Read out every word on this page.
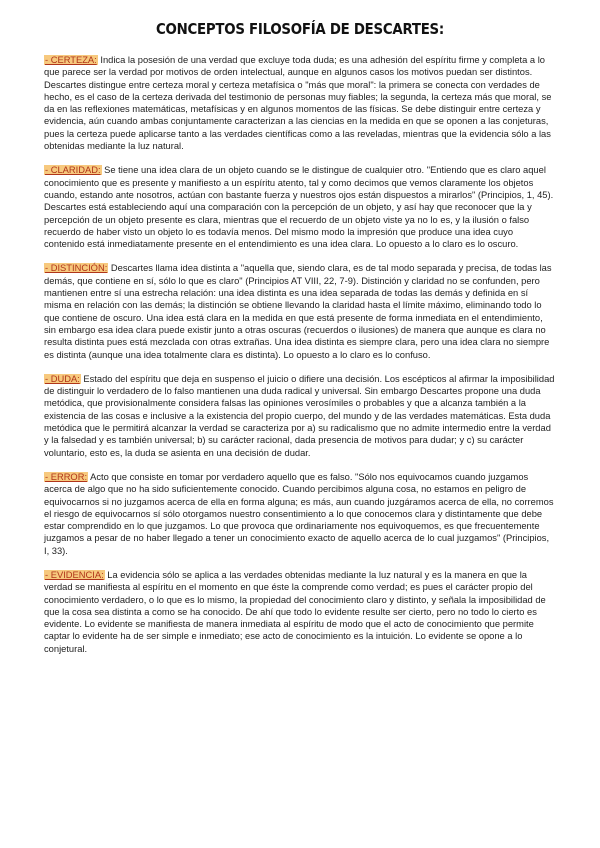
CONCEPTOS FILOSOFÍA DE DESCARTES:

- CERTEZA: Indica la posesión de una verdad que excluye toda duda; es una adhesión del espíritu firme y completa a lo que parece ser la verdad por motivos de orden intelectual, aunque en algunos casos los motivos puedan ser distintos. Descartes distingue entre certeza moral y certeza metafísica o "más que moral": la primera se conecta con verdades de hecho, es el caso de la certeza derivada del testimonio de personas muy fiables; la segunda, la certeza más que moral, se da en las reflexiones matemáticas, metafísicas y en algunos momentos de las físicas. Se debe distinguir entre certeza y evidencia, aún cuando ambas conjuntamente caracterizan a las ciencias en la medida en que se oponen a las conjeturas, pues la certeza puede aplicarse tanto a las verdades científicas como a las reveladas, mientras que la evidencia sólo a las obtenidas mediante la luz natural.

- CLARIDAD: Se tiene una idea clara de un objeto cuando se le distingue de cualquier otro. "Entiendo que es claro aquel conocimiento que es presente y manifiesto a un espíritu atento, tal y como decimos que vemos claramente los objetos cuando, estando ante nosotros, actúan con bastante fuerza y nuestros ojos están dispuestos a mirarlos" (Principios, 1, 45). Descartes está estableciendo aquí una comparación con la percepción de un objeto, y así hay que reconocer que la y percepción de un objeto presente es clara, mientras que el recuerdo de un objeto viste ya no lo es, y la ilusión o falso recuerdo de haber visto un objeto lo es todavía menos. Del mismo modo la impresión que produce una idea cuyo contenido está inmediatamente presente en el entendimiento es una idea clara. Lo opuesto a lo claro es lo oscuro.

- DISTINCIÓN: Descartes llama idea distinta a "aquella que, siendo clara, es de tal modo separada y precisa, de todas las demás, que contiene en sí, sólo lo que es claro" (Principios AT VIII, 22, 7-9). Distinción y claridad no se confunden, pero mantienen entre sí una estrecha relación: una idea distinta es una idea separada de todas las demás y definida en sí misma en relación con las demás; la distinción se obtiene llevando la claridad hasta el límite máximo, eliminando todo lo que contiene de oscuro. Una idea está clara en la medida en que está presente de forma inmediata en el entendimiento, sin embargo esa idea clara puede existir junto a otras oscuras (recuerdos o ilusiones) de manera que aunque es clara no resulta distinta pues está mezclada con otras extrañas. Una idea distinta es siempre clara, pero una idea clara no siempre es distinta (aunque una idea totalmente clara es distinta). Lo opuesto a lo claro es lo confuso.

- DUDA: Estado del espíritu que deja en suspenso el juicio o difiere una decisión. Los escépticos al afirmar la imposibilidad de distinguir lo verdadero de lo falso mantienen una duda radical y universal. Sin embargo Descartes propone una duda metódica, que provisionalmente considera falsas las opiniones verosímiles o probables y que a alcanza también a la existencia de las cosas e inclusive a la existencia del propio cuerpo, del mundo y de las verdades matemáticas. Esta duda metódica que le permitirá alcanzar la verdad se caracteriza por a) su radicalismo que no admite intermedio entre la verdad y la falsedad y es también universal; b) su carácter racional, dada presencia de motivos para dudar; y c) su carácter voluntario, esto es, la duda se asienta en una decisión de dudar.

- ERROR: Acto que consiste en tomar por verdadero aquello que es falso. "Sólo nos equivocamos cuando juzgamos acerca de algo que no ha sido suficientemente conocido. Cuando percibimos alguna cosa, no estamos en peligro de equivocarnos si no juzgamos acerca de ella en forma alguna; es más, aun cuando juzgáramos acerca de ella, no corremos el riesgo de equivocarnos sí sólo otorgamos nuestro consentimiento a lo que conocemos clara y distintamente que debe estar comprendido en lo que juzgamos. Lo que provoca que ordinariamente nos equivoquemos, es que frecuentemente juzgamos a pesar de no haber llegado a tener un conocimiento exacto de aquello acerca de lo cual juzgamos" (Principios, I, 33).

- EVIDENCIA: La evidencia sólo se aplica a las verdades obtenidas mediante la luz natural y es la manera en que la verdad se manifiesta al espíritu en el momento en que éste la comprende como verdad; es pues el carácter propio del conocimiento verdadero, o lo que es lo mismo, la propiedad del conocimiento claro y distinto, y señala la imposibilidad de que la cosa sea distinta a como se ha conocido. De ahí que todo lo evidente resulte ser cierto, pero no todo lo cierto es evidente. Lo evidente se manifiesta de manera inmediata al espíritu de modo que el acto de conocimiento que permite captar lo evidente ha de ser simple e inmediato; ese acto de conocimiento es la intuición. Lo evidente se opone a lo conjetural.
